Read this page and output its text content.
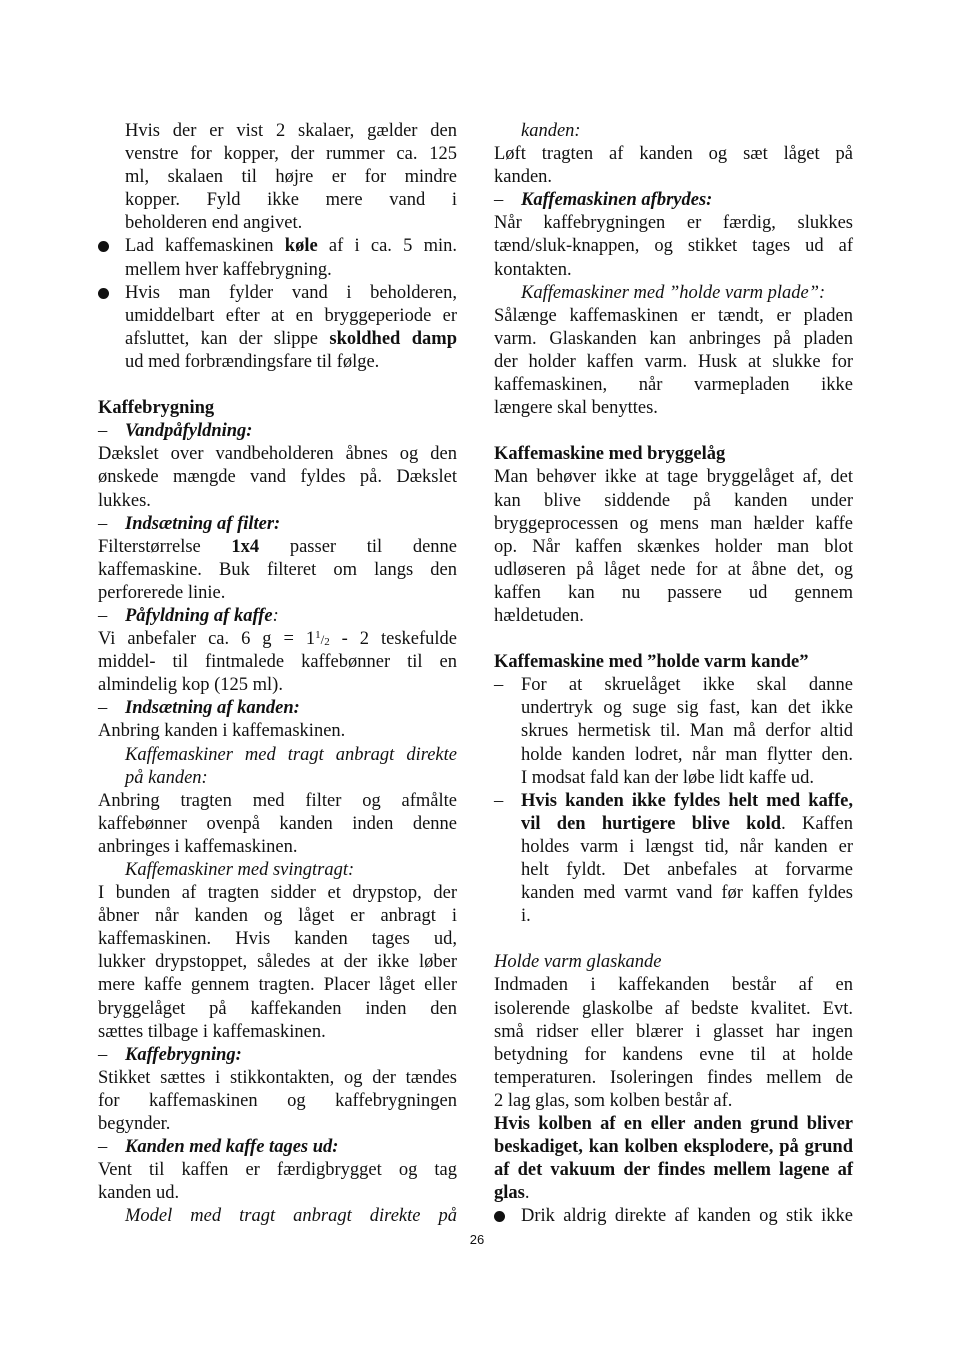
Hvis der er vist 2 skalaer, gælder den
venstre for kopper, der rummer ca. 125
ml, skalaen til højre er for mindre
kopper. Fyld ikke mere vand i
beholderen end angivet.
Lad kaffemaskinen køle af i ca. 5 min.
mellem hver kaffebrygning.
Hvis man fylder vand i beholderen,
umiddelbart efter at en bryggeperiode er
afsluttet, kan der slippe skoldhed damp
ud med forbrændingsfare til følge.
Kaffebrygning
– Vandpåfyldning:
Dækslet over vandbeholderen åbnes og den
ønskede mængde vand fyldes på. Dækslet
lukkes.
– Indsætning af filter:
Filterstørrelse 1x4 passer til denne
kaffemaskine. Buk filteret om langs den
perforerede linie.
– Påfyldning af kaffe:
Vi anbefaler ca. 6 $g = 1^1/2 - 2$ teskefulde
middel- til fintmalede kaffebønner til en
almindelig kop (125 ml).
– Indsætning af kanden:
Anbring kanden i kaffemaskinen.
Kaffemaskiner med tragt anbragt direkte
på kanden:
Anbring tragten med filter og afmålte
kaffebønner ovenpå kanden inden denne
anbringes i kaffemaskinen.
Kaffemaskiner med svingtragt:
I bunden af tragten sidder et drypstop, der
åbner når kanden og låget er anbragt i
kaffemaskinen. Hvis kanden tages ud,
lukker drypstoppet, således at der ikke løber
mere kaffe gennem tragten. Placer låget eller
bryggelåget på kaffekanden inden den
sættes tilbage i kaffemaskinen.
– Kaffebrygning:
Stikket sættes i stikkontakten, og der tændes
for kaffemaskinen og kaffebrygningen
begynder.
– Kanden med kaffe tages ud:
Vent til kaffen er færdigbrygget og tag
kanden ud.
Model med tragt anbragt direkte på
kanden:
Løft tragten af kanden og sæt låget på
kanden.
– Kaffemaskinen afbrydes:
Når kaffebrygningen er færdig, slukkes
tænd/sluk-knappen, og stikket tages ud af
kontakten.
Kaffemaskiner med ”holde varm plade”:
Sålænge kaffemaskinen er tændt, er pladen
varm. Glaskanden kan anbringes på pladen
der holder kaffen varm. Husk at slukke for
kaffemaskinen, når varmepladen ikke
længere skal benyttes.
Kaffemaskine med bryggelåg
Man behøver ikke at tage bryggelåget af, det
kan blive siddende på kanden under
bryggeprocessen og mens man hælder kaffe
op. Når kaffen skænkes holder man blot
udløseren på låget nede for at åbne det, og
kaffen kan nu passere ud gennem
hældetuden.
Kaffemaskine med ”holde varm kande”
– For at skruelåget ikke skal danne
undertryk og suge sig fast, kan det ikke
skrues hermetisk til. Man må derfor altid
holde kanden lodret, når man flytter den.
I modsat fald kan der løbe lidt kaffe ud.
– Hvis kanden ikke fyldes helt med kaffe,
vil den hurtigere blive kold. Kaffen
holdes varm i længst tid, når kanden er
helt fyldt. Det anbefales at forvarme
kanden med varmt vand før kaffen fyldes
i.
Holde varm glaskande
Indmaden i kaffekanden består af en
isolerende glaskolbe af bedste kvalitet. Evt.
små ridser eller blærer i glasset har ingen
betydning for kandens evne til at holde
temperaturen. Isoleringen findes mellem de
2 lag glas, som kolben består af.
Hvis kolben af en eller anden grund bliver
beskadiget, kan kolben eksplodere, på grund
af det vakuum der findes mellem lagene af
glas.
Drik aldrig direkte af kanden og stik ikke
26
